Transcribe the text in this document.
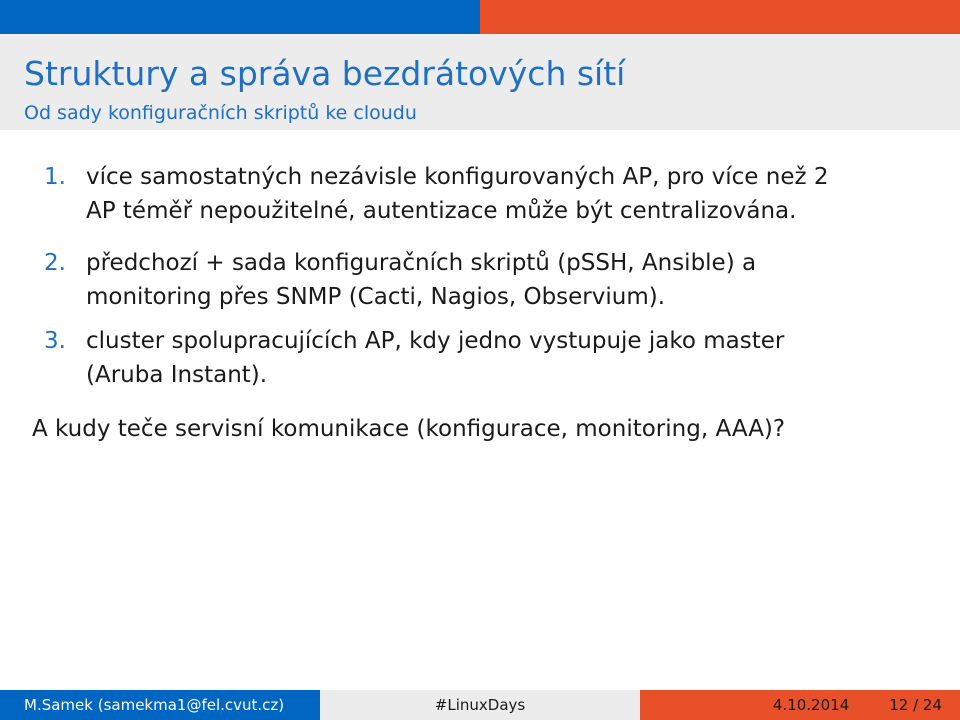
Struktury a správa bezdrátových sítí
Od sady konfiguračních skriptů ke cloudu
1. více samostatných nezávisle konfigurovaných AP, pro více než 2
AP téměř nepoužitelné, autentizace může být centralizována.
2. předchozí + sada konfiguračních skriptů (pSSH, Ansible) a
monitoring přes SNMP (Cacti, Nagios, Observium).
3. cluster spolupracujících AP, kdy jedno vystupuje jako master
(Aruba Instant).
A kudy teče servisní komunikace (konfigurace, monitoring, AAA)?
M.Samek (samekma1@fel.cvut.cz)	#LinuxDays	4.10.2014	12 / 24
